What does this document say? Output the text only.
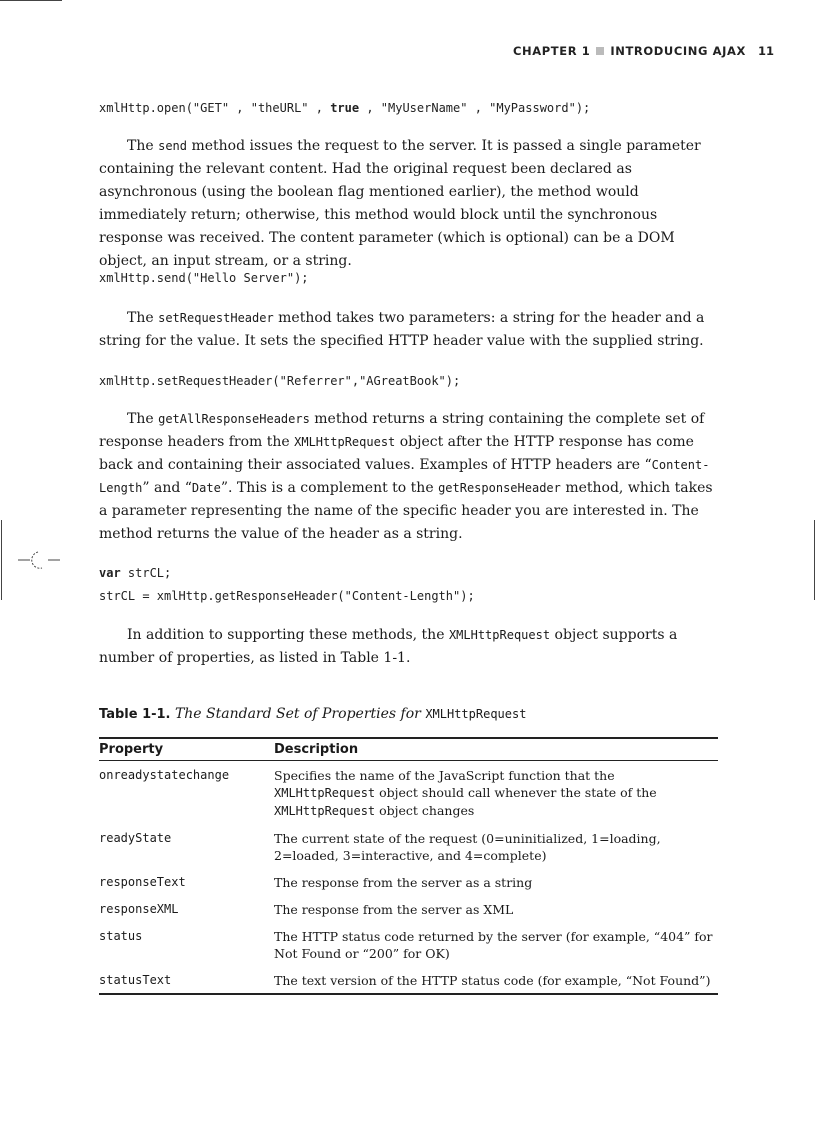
CHAPTER 1 INTRODUCING AJAX 11
xmlHttp.open("GET" , "theURL" , true , "MyUserName" , "MyPassword");
The send method issues the request to the server. It is passed a single parameter containing the relevant content. Had the original request been declared as asynchronous (using the boolean flag mentioned earlier), the method would immediately return; otherwise, this method would block until the synchronous response was received. The content parameter (which is optional) can be a DOM object, an input stream, or a string.
xmlHttp.send("Hello Server");
The setRequestHeader method takes two parameters: a string for the header and a string for the value. It sets the specified HTTP header value with the supplied string.
xmlHttp.setRequestHeader("Referrer","AGreatBook");
The getAllResponseHeaders method returns a string containing the complete set of response headers from the XMLHttpRequest object after the HTTP response has come back and containing their associated values. Examples of HTTP headers are “Content-Length” and “Date”. This is a complement to the getResponseHeader method, which takes a parameter representing the name of the specific header you are interested in. The method returns the value of the header as a string.
var strCL;
strCL = xmlHttp.getResponseHeader("Content-Length");
In addition to supporting these methods, the XMLHttpRequest object supports a number of properties, as listed in Table 1-1.
Table 1-1. The Standard Set of Properties for XMLHttpRequest
Property	Description
onreadystatechange	Specifies the name of the JavaScript function that the XMLHttpRequest object should call whenever the state of the XMLHttpRequest object changes
readyState	The current state of the request (0=uninitialized, 1=loading, 2=loaded, 3=interactive, and 4=complete)
responseText	The response from the server as a string
responseXML	The response from the server as XML
status	The HTTP status code returned by the server (for example, “404” for Not Found or “200” for OK)
statusText	The text version of the HTTP status code (for example, “Not Found”)
